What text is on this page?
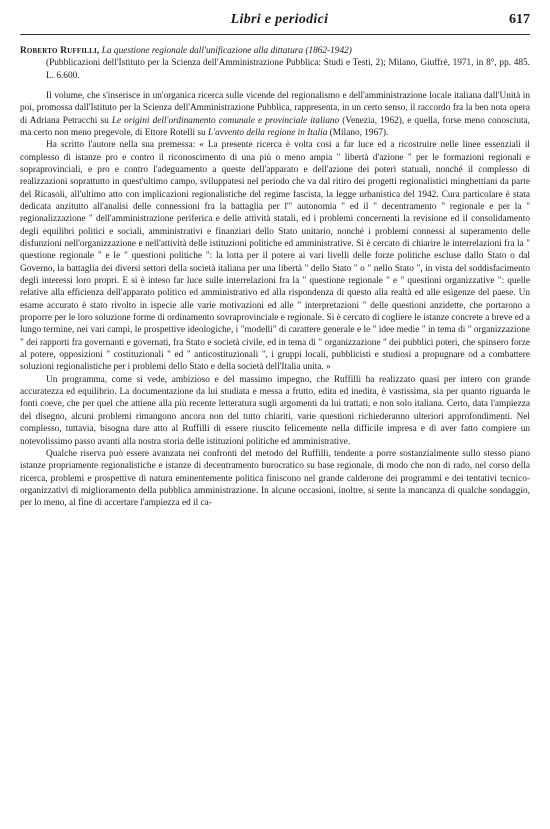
Libri e periodici	617
Roberto Ruffilli, La questione regionale dall'unificazione alla dittatura (1862-1942)
(Pubblicazioni dell'Istituto per la Scienza dell'Amministrazione Pubblica: Studi e Testi, 2); Milano, Giuffrè, 1971, in 8°, pp. 485. L. 6.600.

Il volume, che s'inserisce in un'organica ricerca sulle vicende del regionalismo e dell'amministrazione locale italiana dall'Unità in poi, promossa dall'Istituto per la Scienza dell'Amministrazione Pubblica, rappresenta, in un certo senso, il raccordo fra la ben nota opera di Adriana Petracchi su Le origini dell'ordinamento comunale e provinciale italiano (Venezia, 1962), e quella, forse meno conosciuta, ma certo non meno pregevole, di Ettore Rotelli su L'avvento della regione in Italia (Milano, 1967).

Ha scritto l'autore nella sua premessa: « La presente ricerca è volta così a far luce ed a ricostruire nelle linee essenziali il complesso di istanze pro e contro il riconoscimento di una più o meno ampia " libertà d'azione " per le formazioni regionali e sopraprovinciali, e pro e contro l'adeguamento a queste dell'apparato e dell'azione dei poteri statuali, nonché il complesso di realizzazioni soprattutto in quest'ultimo campo, sviluppatesi nel periodo che va dal ritiro dei progetti regionalistici minghettiani da parte del Ricasoli, all'ultimo atto con implicazioni regionalistiche del regime fascista, la legge urbanistica del 1942. Cura particolare è stata dedicata anzitutto all'analisi delle connessioni fra la battaglia per l'" autonomia " ed il " decentramento " regionale e per la " regionalizzazione " dell'amministrazione periferica e delle attività statali, ed i problemi concernenti la revisione ed il consolidamento degli equilibri politici e sociali, amministrativi e finanziari dello Stato unitario, nonché i problemi connessi al superamento delle disfunzioni nell'organizzazione e nell'attività delle istituzioni politiche ed amministrative. Si è cercato di chiarire le interrelazioni fra la " questione regionale " e le " questioni politiche ": la lotta per il potere ai vari livelli delle forze politiche escluse dallo Stato o dal Governo, la battaglia dei diversi settori della società italiana per una libertà " dello Stato " o " nello Stato ", in vista del soddisfacimento degli interessi loro propri. E si è inteso far luce sulle interrelazioni fra la " questione regionale " e " questioni organizzative ": quelle relative alla efficienza dell'apparato politico ed amministrativo ed alla rispondenza di questo alla realtà ed alle esigenze del paese. Un esame accurato è stato rivolto in ispecie alle varie motivazioni ed alle " interpretazioni " delle questioni anzidette, che portarono a proporre per le loro soluzione forme di ordinamento sovraprovinciale e regionale. Si è cercato di cogliere le istanze concrete a breve ed a lungo termine, nei vari campi, le prospettive ideologiche, i "modelli" di carattere generale e le " idee medie " in tema di " organizzazione " dei rapporti fra governanti e governati, fra Stato e società civile, ed in tema di " organizzazione " dei pubblici poteri, che spinsero forze al potere, opposizioni " costituzionali " ed " anticostituzionali ", i gruppi locali, pubblicisti e studiosi a propugnare od a combattere soluzioni regionalistiche per i problemi dello Stato e della società dell'Italia unita. »

Un programma, come si vede, ambizioso e del massimo impegno, che Ruffilli ha realizzato quasi per intero con grande accuratezza ed equilibrio. La documentazione da lui studiata e messa a frutto, edita ed inedita, è vastissima, sia per quanto riguarda le fonti coeve, che per quel che attiene alla più recente letteratura sugli argomenti da lui trattati, e non solo italiana. Certo, data l'ampiezza del disegno, alcuni problemi rimangono ancora non del tutto chiariti, varie questioni richiederanno ulteriori approfondimenti. Nel complesso, tuttavia, bisogna dare atto al Ruffilli di essere riuscito felicemente nella difficile impresa e di aver fatto compiere un notevolissimo passo avanti alla nostra storia delle istituzioni politiche ed amministrative.

Qualche riserva può essere avanzata nei confronti del metodo del Ruffilli, tendente a porre sostanzialmente sullo stesso piano istanze propriamente regionalistiche e istanze di decentramento burocratico su base regionale, di modo che non di rado, nel corso della ricerca, problemi e prospettive di natura eminentemente politica finiscono nel grande calderone dei programmi e dei tentativi tecnico-organizzativi di miglioramento della pubblica amministrazione. In alcune occasioni, inoltre, si sente la mancanza di qualche sondaggio, per lo meno, al fine di accertare l'ampiezza ed il ca-
